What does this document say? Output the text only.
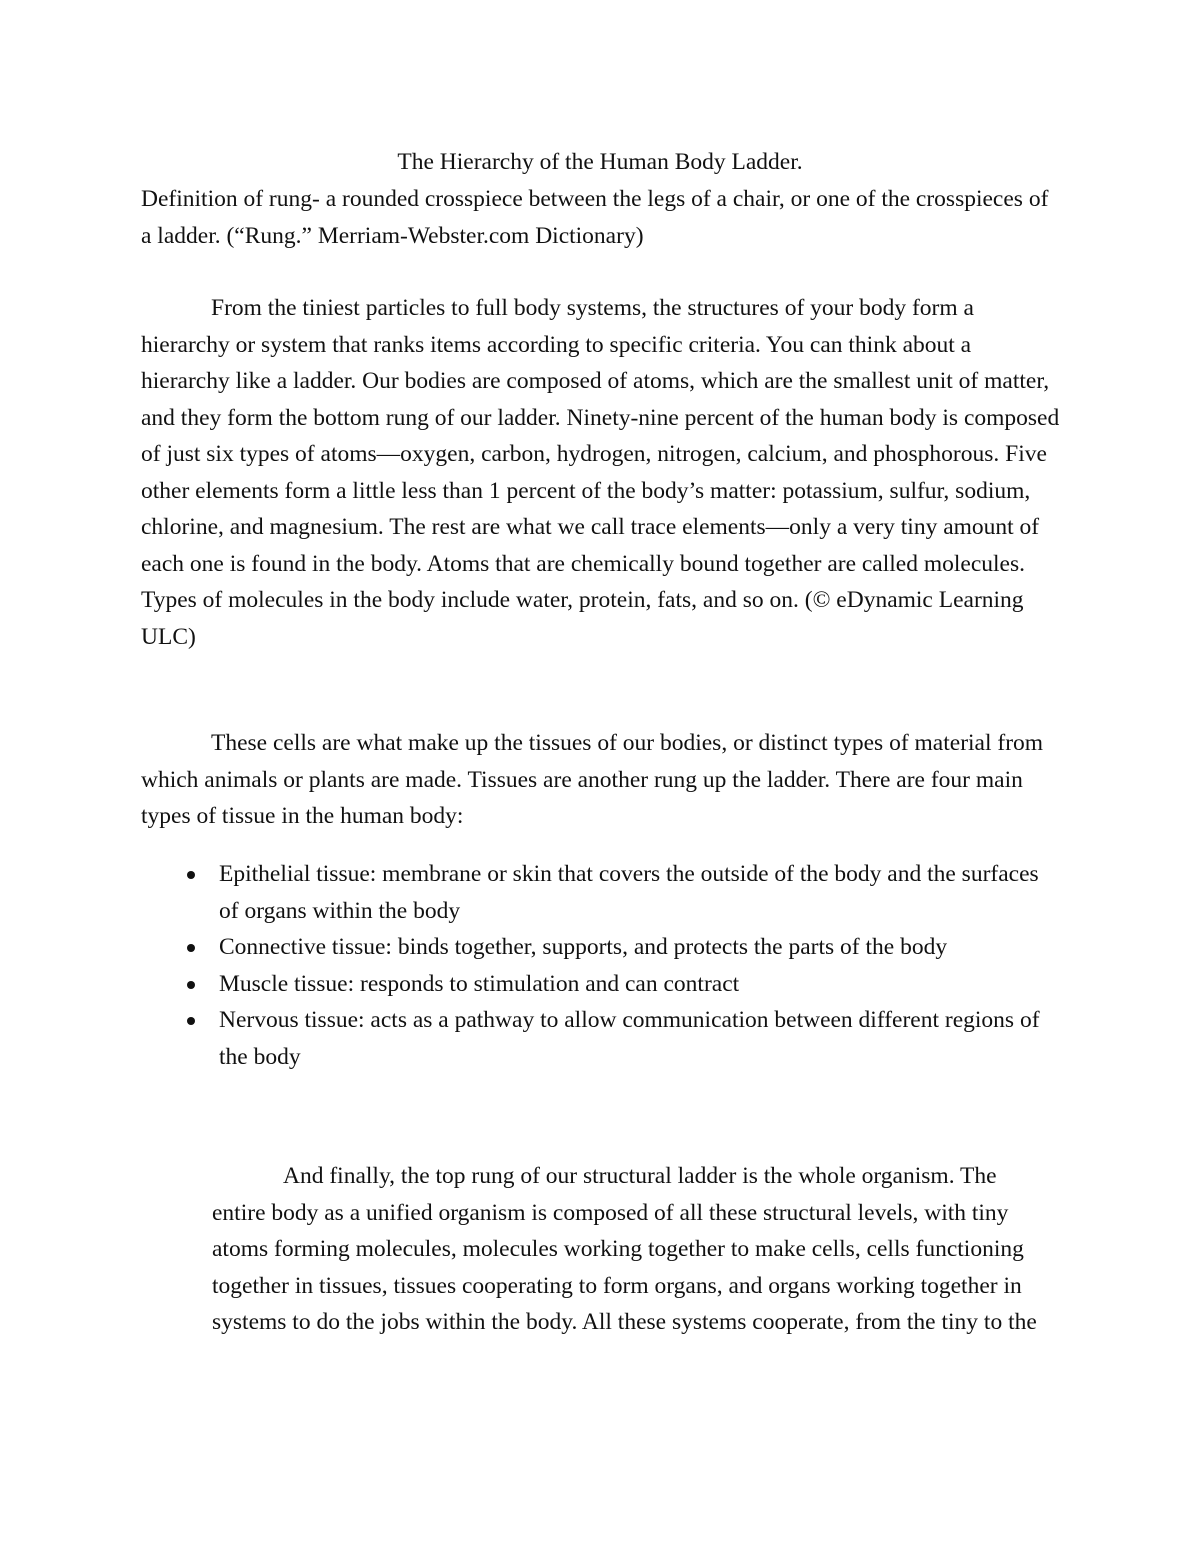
The Hierarchy of the Human Body Ladder.

Definition of rung- a rounded crosspiece between the legs of a chair, or one of the crosspieces of a ladder. (“Rung.” Merriam-Webster.com Dictionary)

From the tiniest particles to full body systems, the structures of your body form a hierarchy or system that ranks items according to specific criteria. You can think about a hierarchy like a ladder. Our bodies are composed of atoms, which are the smallest unit of matter, and they form the bottom rung of our ladder. Ninety-nine percent of the human body is composed of just six types of atoms—oxygen, carbon, hydrogen, nitrogen, calcium, and phosphorous. Five other elements form a little less than 1 percent of the body’s matter: potassium, sulfur, sodium, chlorine, and magnesium. The rest are what we call trace elements—only a very tiny amount of each one is found in the body. Atoms that are chemically bound together are called molecules. Types of molecules in the body include water, protein, fats, and so on. (© eDynamic Learning ULC)

These cells are what make up the tissues of our bodies, or distinct types of material from which animals or plants are made. Tissues are another rung up the ladder. There are four main types of tissue in the human body:

Epithelial tissue: membrane or skin that covers the outside of the body and the surfaces of organs within the body
Connective tissue: binds together, supports, and protects the parts of the body
Muscle tissue: responds to stimulation and can contract
Nervous tissue: acts as a pathway to allow communication between different regions of the body

And finally, the top rung of our structural ladder is the whole organism. The entire body as a unified organism is composed of all these structural levels, with tiny atoms forming molecules, molecules working together to make cells, cells functioning together in tissues, tissues cooperating to form organs, and organs working together in systems to do the jobs within the body. All these systems cooperate, from the tiny to the
